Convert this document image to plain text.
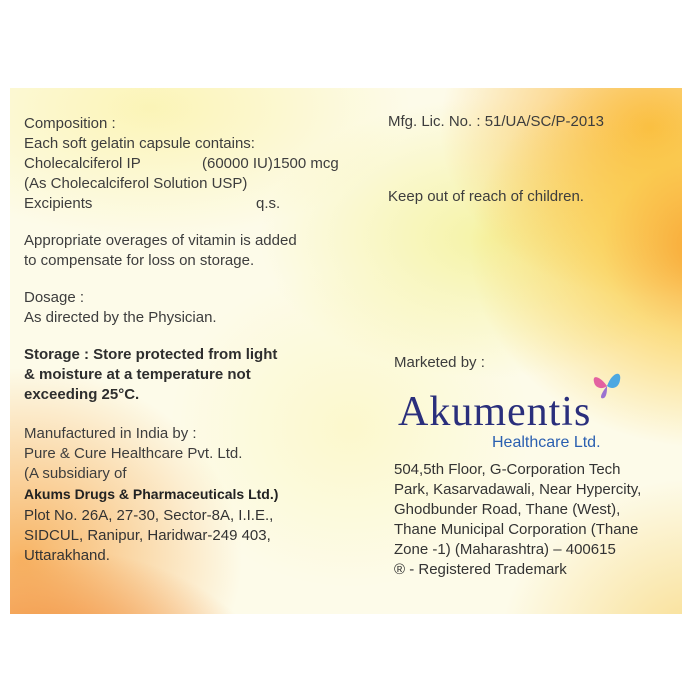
Composition :
Each soft gelatin capsule contains:
Cholecalciferol IP	(60000 IU)1500 mcg
(As Cholecalciferol Solution USP)
Excipients	q.s.
Appropriate overages of vitamin is added
to compensate for loss on storage.
Dosage :
As directed by the Physician.
Storage : Store protected from light
& moisture at a temperature not
exceeding 25°C.
Manufactured in India by :
Pure & Cure Healthcare Pvt. Ltd.
(A subsidiary of
Akums Drugs & Pharmaceuticals Ltd.)
Plot No. 26A, 27-30, Sector-8A, I.I.E.,
SIDCUL, Ranipur, Haridwar-249 403,
Uttarakhand.
Mfg. Lic. No. : 51/UA/SC/P-2013
Keep out of reach of children.
Marketed by :
Akumentis
Healthcare Ltd.
504,5th Floor, G-Corporation Tech
Park, Kasarvadawali, Near Hypercity,
Ghodbunder Road, Thane (West),
Thane Municipal Corporation (Thane
Zone -1) (Maharashtra) – 400615
® - Registered Trademark
